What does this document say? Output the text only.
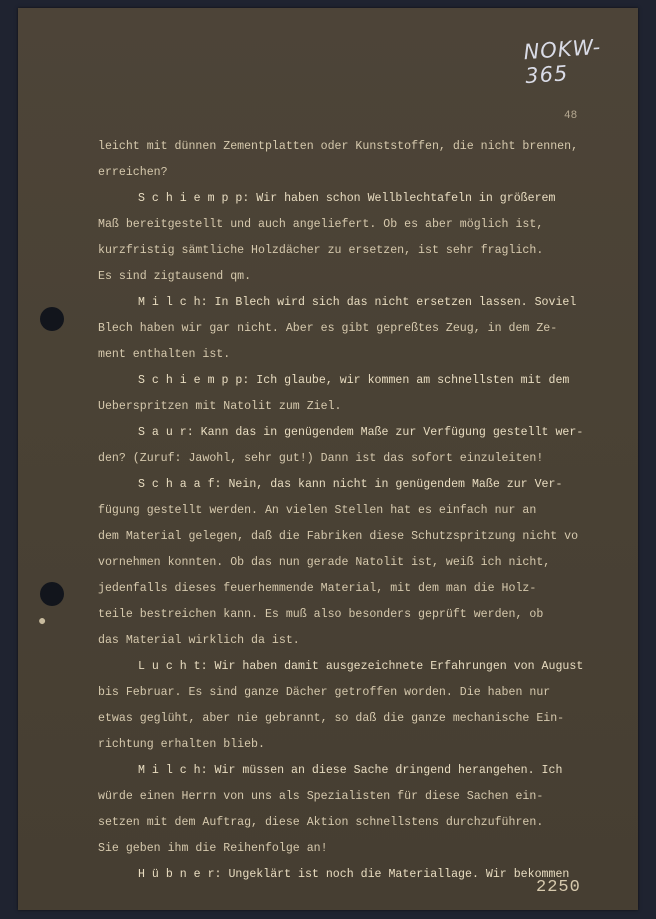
NOKW-365
48
●
leicht mit dünnen Zementplatten oder Kunststoffen, die nicht brennen,
erreichen?
S c h i e m p p: Wir haben schon Wellblechtafeln in größerem
Maß bereitgestellt und auch angeliefert. Ob es aber möglich ist,
kurzfristig sämtliche Holzdächer zu ersetzen, ist sehr fraglich.
Es sind zigtausend qm.
M i l c h: In Blech wird sich das nicht ersetzen lassen. Soviel
Blech haben wir gar nicht. Aber es gibt gepreßtes Zeug, in dem Ze-
ment enthalten ist.
S c h i e m p p: Ich glaube, wir kommen am schnellsten mit dem
Ueberspritzen mit Natolit zum Ziel.
S a u r: Kann das in genügendem Maße zur Verfügung gestellt wer-
den? (Zuruf: Jawohl, sehr gut!) Dann ist das sofort einzuleiten!
S c h a a f: Nein, das kann nicht in genügendem Maße zur Ver-
fügung gestellt werden. An vielen Stellen hat es einfach nur an
dem Material gelegen, daß die Fabriken diese Schutzspritzung nicht vo
vornehmen konnten. Ob das nun gerade Natolit ist, weiß ich nicht,
jedenfalls dieses feuerhemmende Material, mit dem man die Holz-
teile bestreichen kann. Es muß also besonders geprüft werden, ob
das Material wirklich da ist.
L u c h t: Wir haben damit ausgezeichnete Erfahrungen von August
bis Februar. Es sind ganze Dächer getroffen worden. Die haben nur
etwas geglüht, aber nie gebrannt, so daß die ganze mechanische Ein-
richtung erhalten blieb.
M i l c h: Wir müssen an diese Sache dringend herangehen. Ich
würde einen Herrn von uns als Spezialisten für diese Sachen ein-
setzen mit dem Auftrag, diese Aktion schnellstens durchzuführen.
Sie geben ihm die Reihenfolge an!
H ü b n e r: Ungeklärt ist noch die Materiallage. Wir bekommen
2250
